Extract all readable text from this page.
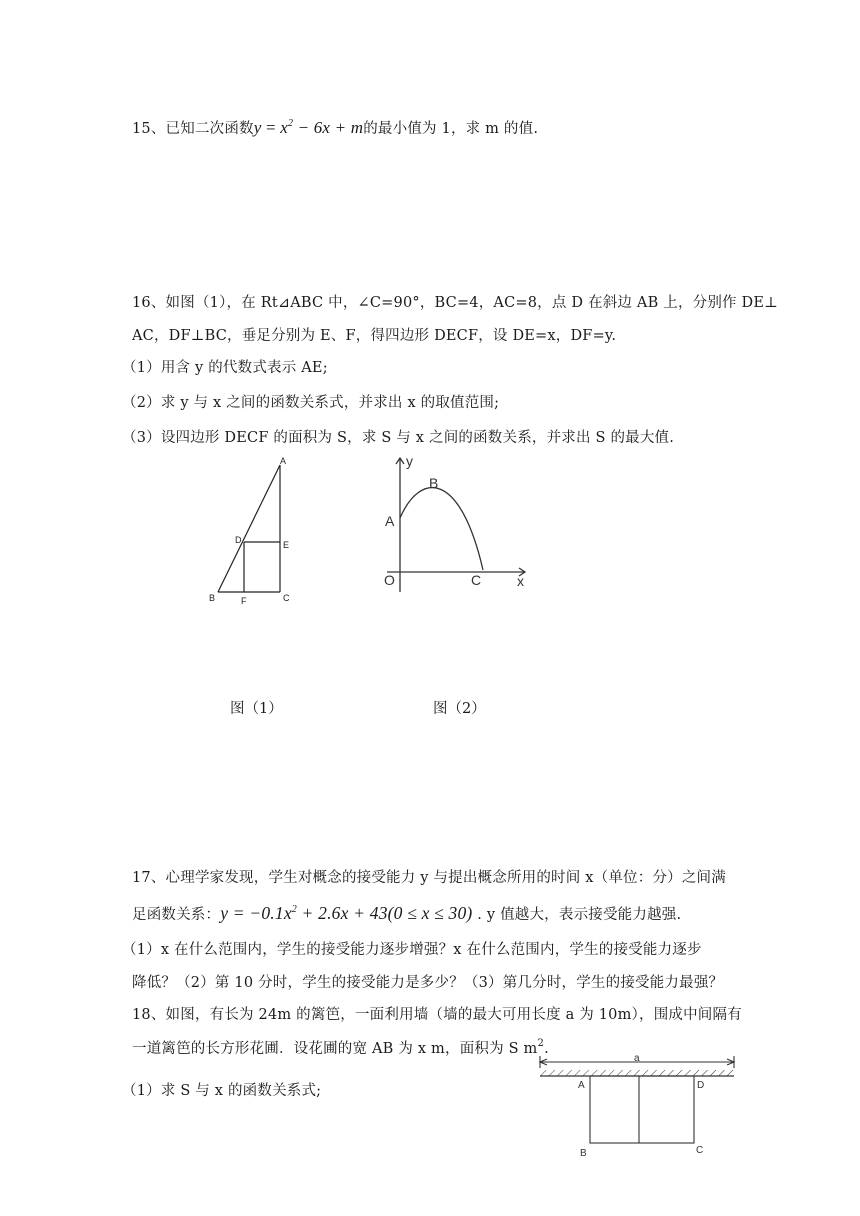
15、已知二次函数$y = x^2 - 6x + m$的最小值为 1，求 m 的值.
16、如图（1），在 Rt⊿ABC 中，∠C=90°，BC=4，AC=8，点 D 在斜边 AB 上，分别作 DE⊥
AC，DF⊥BC，垂足分别为 E、F，得四边形 DECF，设 DE=x，DF=y.
（1）用含 y 的代数式表示 AE;
（2）求 y 与 x 之间的函数关系式，并求出 x 的取值范围;
（3）设四边形 DECF 的面积为 S，求 S 与 x 之间的函数关系，并求出 S 的最大值.
A
D	E
B	F	C
y
x
O
A
B
C
图（1）	图（2）
17、心理学家发现，学生对概念的接受能力 y 与提出概念所用的时间 x（单位：分）之间满
足函数关系：$y = -0.1x^2 + 2.6x + 43(0 \le x \le 30)$ . y 值越大，表示接受能力越强.
（1）x 在什么范围内，学生的接受能力逐步增强？x 在什么范围内，学生的接受能力逐步
降低？（2）第 10 分时，学生的接受能力是多少？（3）第几分时，学生的接受能力最强？
18、如图，有长为 24m 的篱笆，一面利用墙（墙的最大可用长度 a 为 10m），围成中间隔有
一道篱笆的长方形花圃．设花圃的宽 AB 为 x m，面积为 S $m^2$.
（1）求 S 与 x 的函数关系式;
a
A	D
B	C
